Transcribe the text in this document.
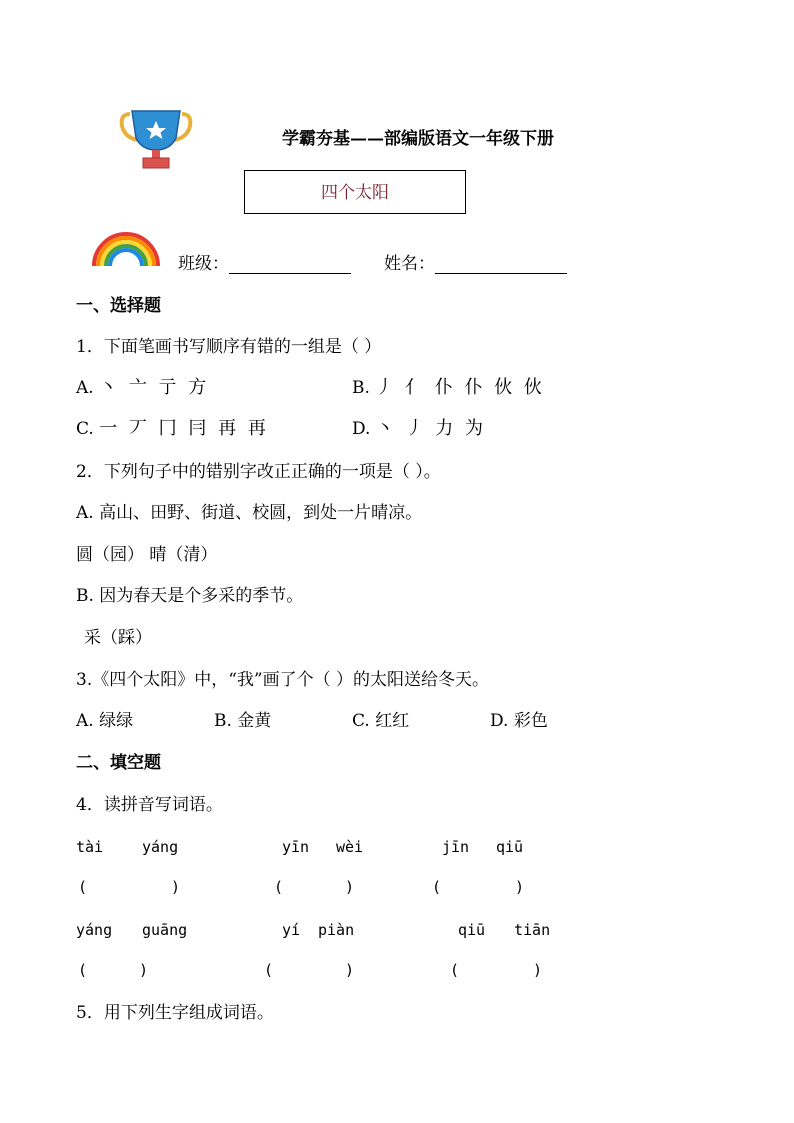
学霸夯基——部编版语文一年级下册
四个太阳
班级：	姓名：
一、选择题
1．下面笔画书写顺序有错的一组是（ ）
A. 丶 亠 亍 方	B. 丿 亻 仆 仆 伙 伙
C. 一 丆 冂 冃 再 再	D. 丶 丿 力 为
2．下列句子中的错别字改正正确的一项是（ ）。
A. 高山、田野、街道、校圆，到处一片晴凉。
圆（园） 晴（清）
B. 因为春天是个多采的季节。
采（踩）
3.《四个太阳》中，“我”画了个（ ）的太阳送给冬天。
A. 绿绿	B. 金黄	C. 红红	D. 彩色
二、填空题
4．读拼音写词语。
tài	yáng	yīn wèi	jīn qiū
(	)	(	)	(	)
yáng guāng	yí piàn	qiū tiān
(	)	(	)	(	)
5．用下列生字组成词语。
